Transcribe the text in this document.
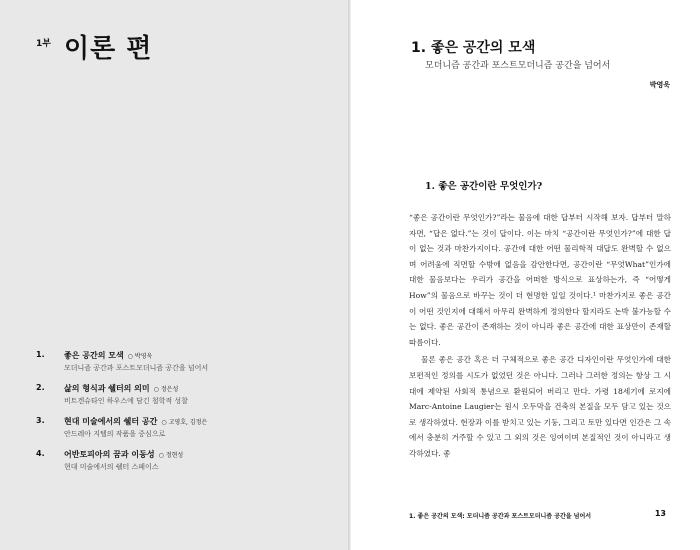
1부 이론 편
1. 좋은 공간의 모색 ○ 박영욱
모더니즘 공간과 포스트모더니즘 공간을 넘어서
2. 삶의 형식과 쉘터의 의미 ○ 정은성
비트겐슈타인 하우스에 담긴 철학적 성찰
3. 현대 미술에서의 쉘터 공간 ○ 고영호, 김정은
안드레아 지텔의 작품을 중심으로
4. 어반토피아의 꿈과 이동성 ○ 정현성
현대 미술에서의 쉘터 스페이스
1. 좋은 공간의 모색
모더니즘 공간과 포스트모더니즘 공간을 넘어서
박영욱
1. 좋은 공간이란 무엇인가?

“좋은 공간이란 무엇인가?”라는 물음에 대한 답부터 시작해 보자. 답부터 말하자면, “답은 없다.”는 것이 답이다. 이는 마치 “공간이란 무엇인가?”에 대한 답이 없는 것과 마찬가지이다. 공간에 대한 어떤 물리학적 대답도 완벽할 수 없으며 어려움에 직면할 수밖에 없음을 감안한다면, 공간이란 “무엇What”인가에 대한 물음보다는 우리가 공간을 어떠한 방식으로 표상하는가, 즉 “어떻게How”의 물음으로 바꾸는 것이 더 현명한 일일 것이다.¹ 마찬가지로 좋은 공간이 어떤 것인지에 대해서 아무리 완벽하게 정의한다 할지라도 논박 불가능할 수는 없다. 좋은 공간이 존재하는 것이 아니라 좋은 공간에 대한 표상만이 존재할 따름이다.

물론 좋은 공간 혹은 더 구체적으로 좋은 공간 디자인이란 무엇인가에 대한 보편적인 정의를 시도가 없었던 것은 아니다. 그러나 그러한 정의는 항상 그 시대에 제약된 사회적 통념으로 환원되어 버리고 만다. 가령 18세기에 로지에Marc-Antoine Laugier는 원시 오두막을 건축의 본질을 모두 담고 있는 것으로 생각하였다. 현장과 이를 받치고 있는 기둥, 그리고 토만 있다면 인간은 그 속에서 충분히 거주할 수 있고 그 외의 것은 잉여이며 본질적인 것이 아니라고 생각하였다. 좋

1. 좋은 공간의 모색: 모더니즘 공간과 포스트모더니즘 공간을 넘어서	13
